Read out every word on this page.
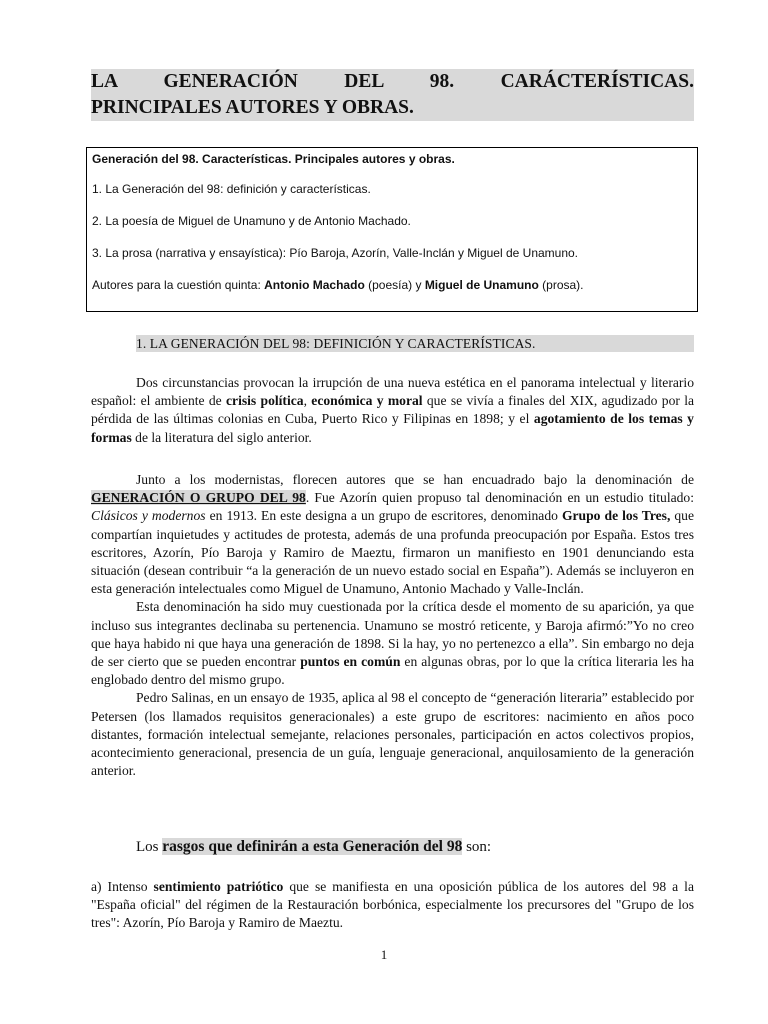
LA GENERACIÓN DEL 98. CARÁCTERÍSTICAS.
PRINCIPALES AUTORES Y OBRAS.

Generación del 98. Características. Principales autores y obras.

1. La Generación del 98: definición y características.

2. La poesía de Miguel de Unamuno y de Antonio Machado.

3. La prosa (narrativa y ensayística): Pío Baroja, Azorín, Valle-Inclán y Miguel de Unamuno.

Autores para la cuestión quinta: Antonio Machado (poesía) y Miguel de Unamuno (prosa).

1. LA GENERACIÓN DEL 98: DEFINICIÓN Y CARACTERÍSTICAS.

Dos circunstancias provocan la irrupción de una nueva estética en el panorama intelectual y literario español: el ambiente de crisis política, económica y moral que se vivía a finales del XIX, agudizado por la pérdida de las últimas colonias en Cuba, Puerto Rico y Filipinas en 1898; y el agotamiento de los temas y formas de la literatura del siglo anterior.

Junto a los modernistas, florecen autores que se han encuadrado bajo la denominación de GENERACIÓN O GRUPO DEL 98. Fue Azorín quien propuso tal denominación en un estudio titulado: Clásicos y modernos en 1913. En este designa a un grupo de escritores, denominado Grupo de los Tres, que compartían inquietudes y actitudes de protesta, además de una profunda preocupación por España. Estos tres escritores, Azorín, Pío Baroja y Ramiro de Maeztu, firmaron un manifiesto en 1901 denunciando esta situación (desean contribuir “a la generación de un nuevo estado social en España”). Además se incluyeron en esta generación intelectuales como Miguel de Unamuno, Antonio Machado y Valle-Inclán.

Esta denominación ha sido muy cuestionada por la crítica desde el momento de su aparición, ya que incluso sus integrantes declinaba su pertenencia. Unamuno se mostró reticente, y Baroja afirmó:”Yo no creo que haya habido ni que haya una generación de 1898. Si la hay, yo no pertenezco a ella”. Sin embargo no deja de ser cierto que se pueden encontrar puntos en común en algunas obras, por lo que la crítica literaria les ha englobado dentro del mismo grupo.

Pedro Salinas, en un ensayo de 1935, aplica al 98 el concepto de “generación literaria” establecido por Petersen (los llamados requisitos generacionales) a este grupo de escritores: nacimiento en años poco distantes, formación intelectual semejante, relaciones personales, participación en actos colectivos propios, acontecimiento generacional, presencia de un guía, lenguaje generacional, anquilosamiento de la generación anterior.

Los rasgos que definirán a esta Generación del 98 son:

a) Intenso sentimiento patriótico que se manifiesta en una oposición pública de los autores del 98 a la "España oficial" del régimen de la Restauración borbónica, especialmente los precursores del "Grupo de los tres": Azorín, Pío Baroja y Ramiro de Maeztu.

1
